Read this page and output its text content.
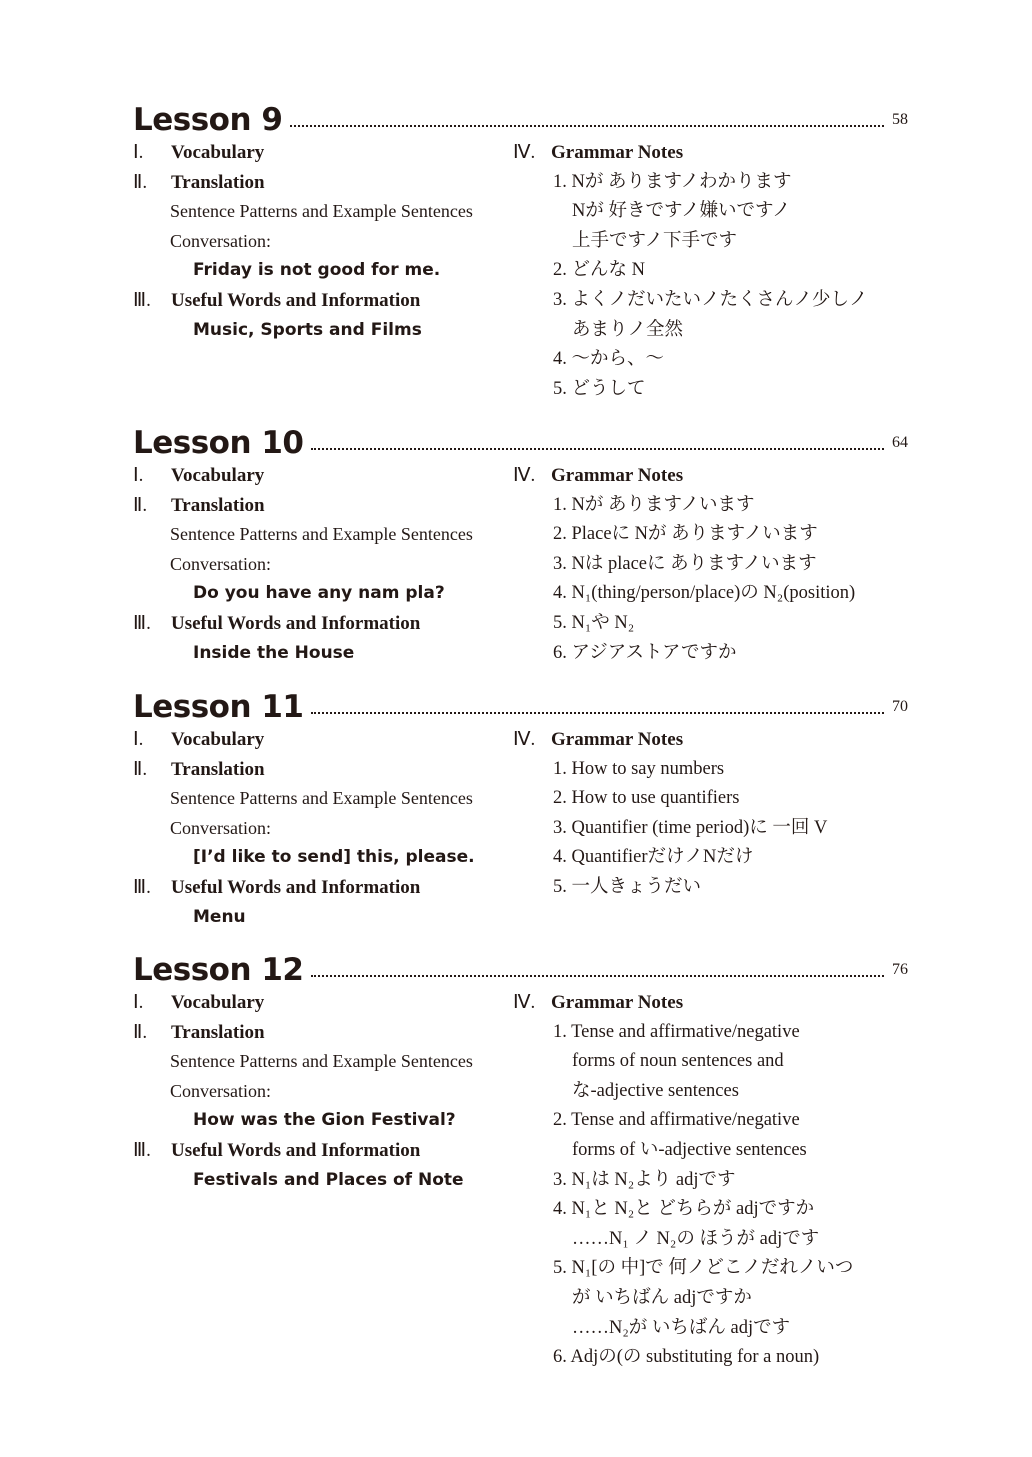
Lesson 9	58
Ⅰ. Vocabulary
Ⅱ. Translation
Sentence Patterns and Example Sentences
Conversation:
Friday is not good for me.
Ⅲ. Useful Words and Information
Music, Sports and Films
Ⅳ. Grammar Notes
1. Nが ありますノわかります
Nが 好きですノ嫌いですノ
上手ですノ下手です
2. どんな N
3. よくノだいたいノたくさんノ少しノ
あまりノ全然
4. ～から、～
5. どうして
Lesson 10	64
Ⅰ. Vocabulary
Ⅱ. Translation
Sentence Patterns and Example Sentences
Conversation:
Do you have any nam pla?
Ⅲ. Useful Words and Information
Inside the House
Ⅳ. Grammar Notes
1. Nが ありますノいます
2. Placeに Nが ありますノいます
3. Nは placeに ありますノいます
4. N₁(thing/person/place)の N₂(position)
5. N₁や N₂
6. アジアストアですか
Lesson 11	70
Ⅰ. Vocabulary
Ⅱ. Translation
Sentence Patterns and Example Sentences
Conversation:
[I’d like to send] this, please.
Ⅲ. Useful Words and Information
Menu
Ⅳ. Grammar Notes
1. How to say numbers
2. How to use quantifiers
3. Quantifier (time period)に 一回 V
4. QuantifierだけノNだけ
5. 一人きょうだい
Lesson 12	76
Ⅰ. Vocabulary
Ⅱ. Translation
Sentence Patterns and Example Sentences
Conversation:
How was the Gion Festival?
Ⅲ. Useful Words and Information
Festivals and Places of Note
Ⅳ. Grammar Notes
1. Tense and affirmative/negative
forms of noun sentences and
な-adjective sentences
2. Tense and affirmative/negative
forms of い-adjective sentences
3. N₁は N₂より adjです
4. N₁と N₂と どちらが adjですか
……N₁ ノ N₂の ほうが adjです
5. N₁[の 中]で 何ノどこノだれノいつ
が いちばん adjですか
……N₂が いちばん adjです
6. Adjの(の substituting for a noun)
